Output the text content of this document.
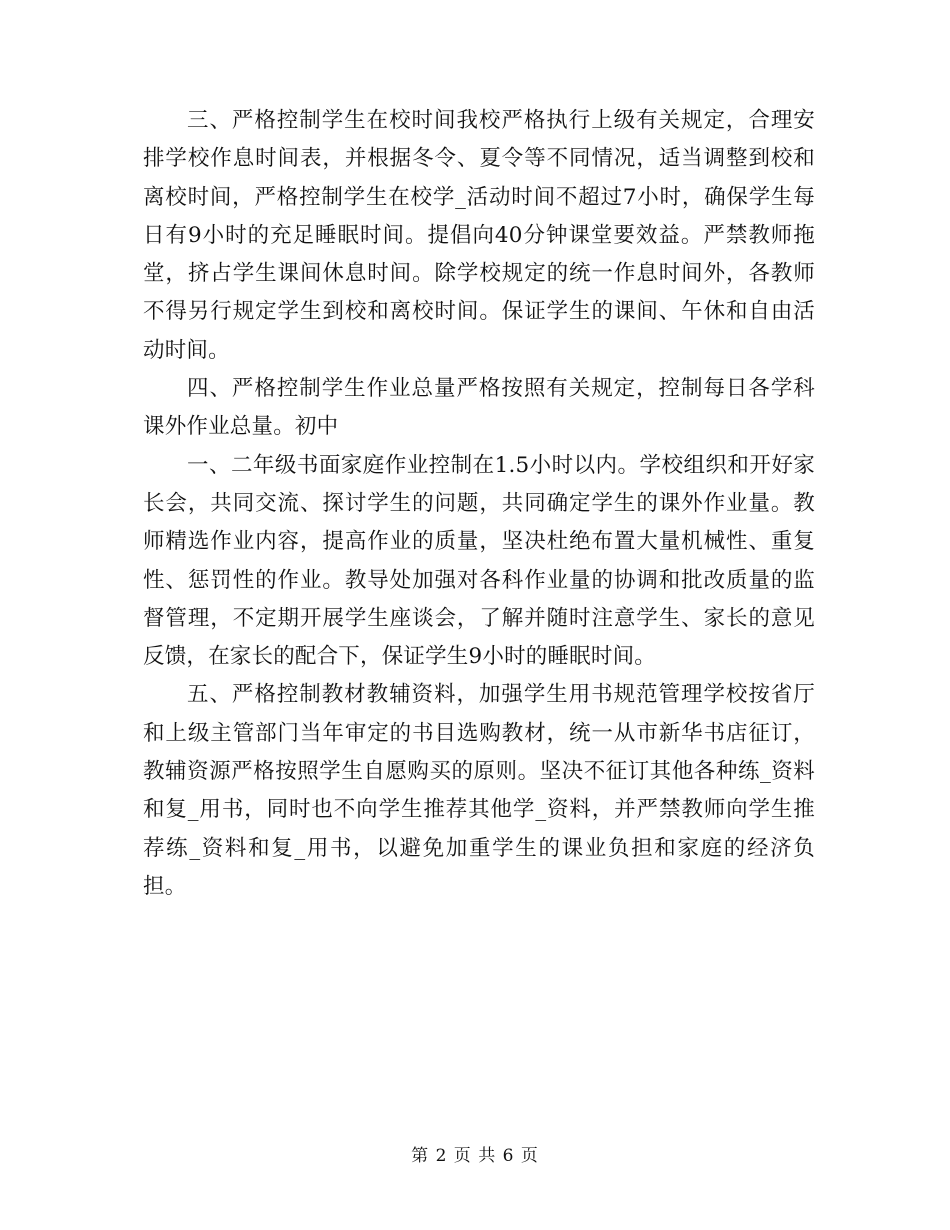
三、严格控制学生在校时间我校严格执行上级有关规定，合理安排学校作息时间表，并根据冬令、夏令等不同情况，适当调整到校和离校时间，严格控制学生在校学_活动时间不超过7小时，确保学生每日有9小时的充足睡眠时间。提倡向40分钟课堂要效益。严禁教师拖堂，挤占学生课间休息时间。除学校规定的统一作息时间外，各教师不得另行规定学生到校和离校时间。保证学生的课间、午休和自由活动时间。

四、严格控制学生作业总量严格按照有关规定，控制每日各学科课外作业总量。初中

一、二年级书面家庭作业控制在1.5小时以内。学校组织和开好家长会，共同交流、探讨学生的问题，共同确定学生的课外作业量。教师精选作业内容，提高作业的质量，坚决杜绝布置大量机械性、重复性、惩罚性的作业。教导处加强对各科作业量的协调和批改质量的监督管理，不定期开展学生座谈会，了解并随时注意学生、家长的意见反馈，在家长的配合下，保证学生9小时的睡眠时间。

五、严格控制教材教辅资料，加强学生用书规范管理学校按省厅和上级主管部门当年审定的书目选购教材，统一从市新华书店征订，教辅资源严格按照学生自愿购买的原则。坚决不征订其他各种练_资料和复_用书，同时也不向学生推荐其他学_资料，并严禁教师向学生推荐练_资料和复_用书，以避免加重学生的课业负担和家庭的经济负担。

第 2 页 共 6 页
